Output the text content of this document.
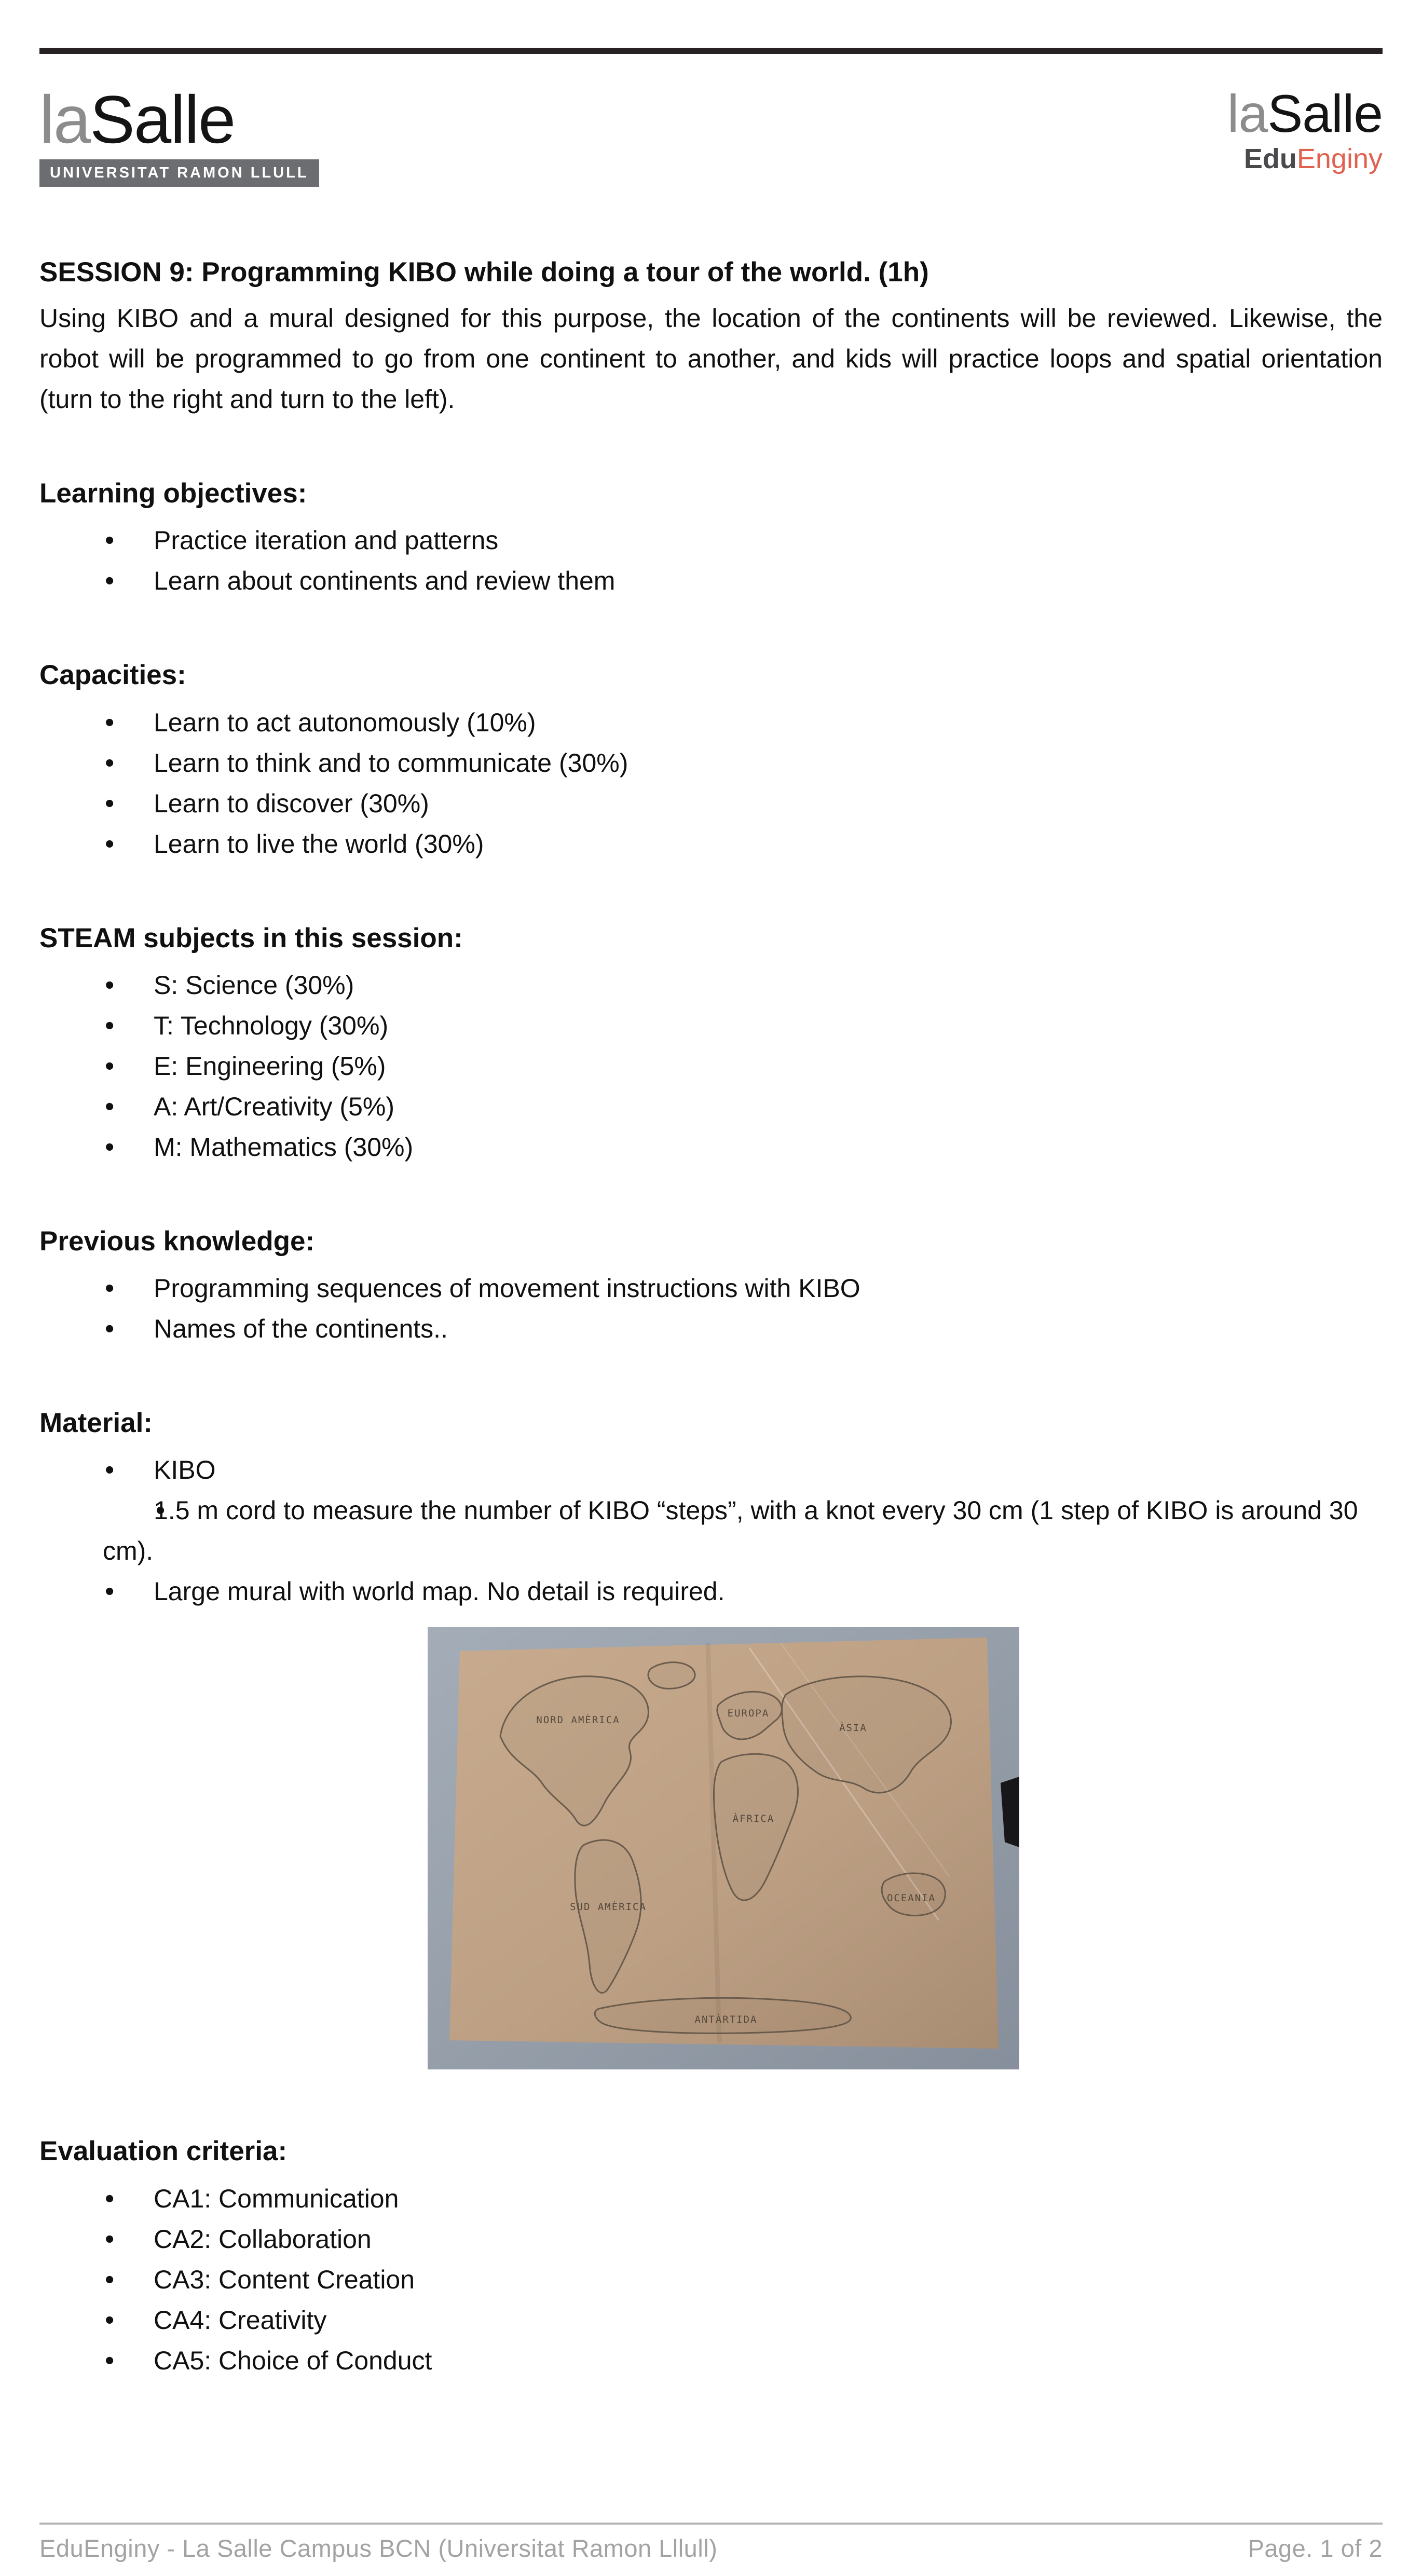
laSalle
UNIVERSITAT RAMON LLULL
laSalle
EduEnginy
SESSION 9: Programming KIBO while doing a tour of the world. (1h)

Using KIBO and a mural designed for this purpose, the location of the continents will be reviewed. Likewise, the robot will be programmed to go from one continent to another, and kids will practice loops and spatial orientation (turn to the right and turn to the left).

Learning objectives:
• Practice iteration and patterns
• Learn about continents and review them
Capacities:
• Learn to act autonomously (10%)
• Learn to think and to communicate (30%)
• Learn to discover (30%)
• Learn to live the world (30%)
STEAM subjects in this session:
• S: Science (30%)
• T: Technology (30%)
• E: Engineering (5%)
• A: Art/Creativity (5%)
• M: Mathematics (30%)
Previous knowledge:
• Programming sequences of movement instructions with KIBO
• Names of the continents..
Material:
• KIBO
• 1.5 m cord to measure the number of KIBO “steps”, with a knot every 30 cm (1 step of KIBO is around 30 cm).
• Large mural with world map. No detail is required.
NORD AMÈRICA
EUROPA
ÀSIA
ÀFRICA
SUD AMÈRICA
OCEANIA
ANTÀRTIDA
Evaluation criteria:
• CA1: Communication
• CA2: Collaboration
• CA3: Content Creation
• CA4: Creativity
• CA5: Choice of Conduct
EduEnginy - La Salle Campus BCN (Universitat Ramon Lllull)	Page. 1 of 2
